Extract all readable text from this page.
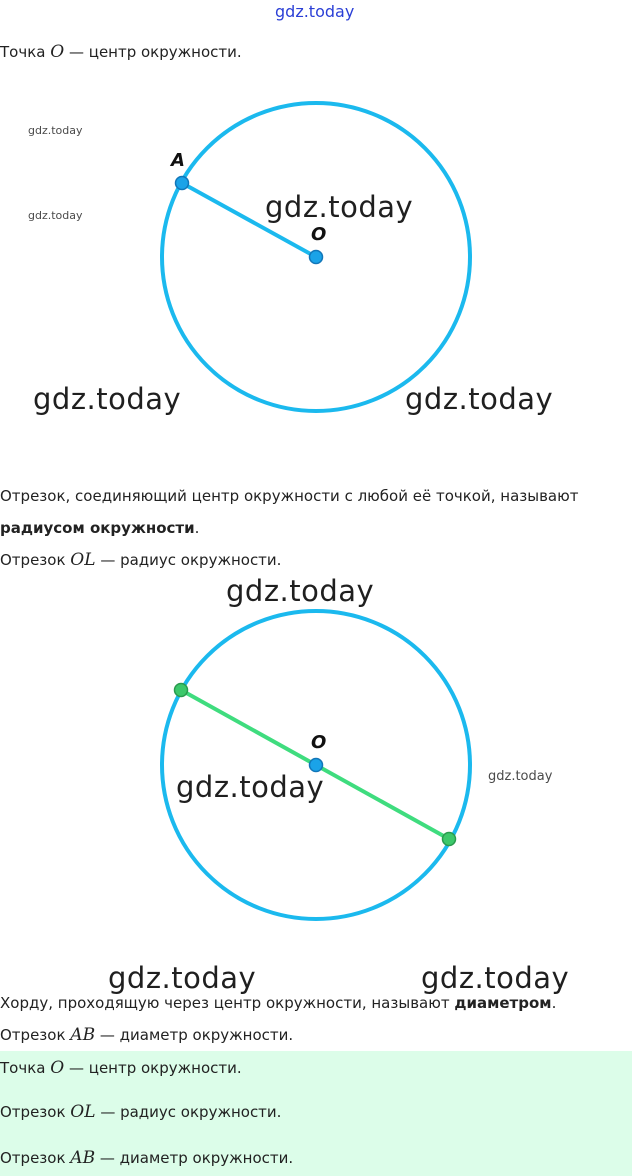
gdz.today
Точка O — центр окружности.
A
O
gdz.today
gdz.today	gdz.today
gdz.today	gdz.today
Отрезок, соединяющий центр окружности с любой её точкой, называют
радиусом окружности.
Отрезок OL — радиус окружности.
gdz.today
O
gdz.today	gdz.today
gdz.today	gdz.today
Хорду, проходящую через центр окружности, называют диаметром.
Отрезок AB — диаметр окружности.
Точка O — центр окружности.
Отрезок OL — радиус окружности.
Отрезок AB — диаметр окружности.
